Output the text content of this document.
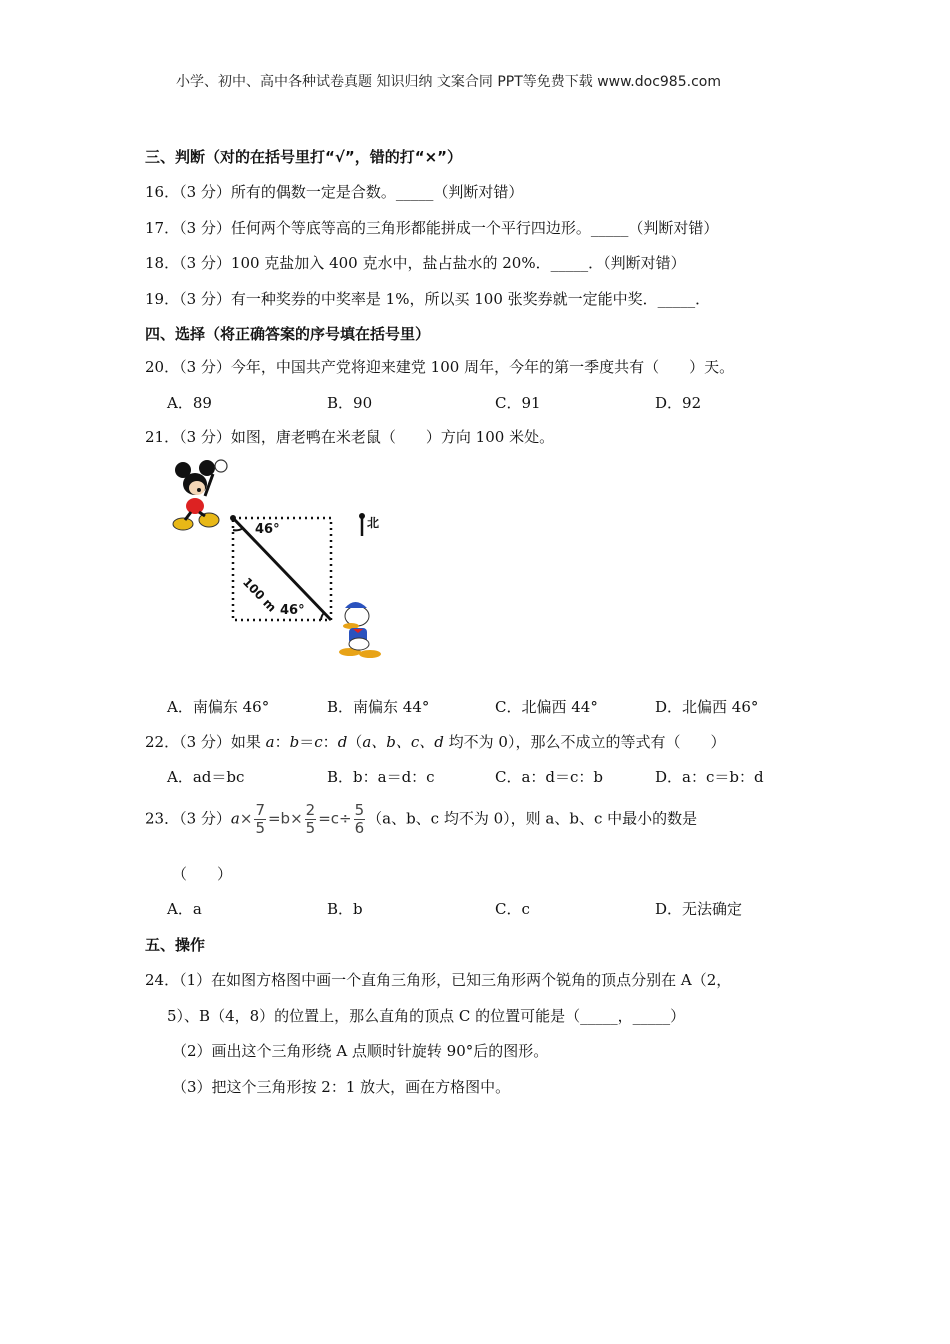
小学、初中、高中各种试卷真题 知识归纳 文案合同 PPT等免费下载 www.doc985.com
三、判断（对的在括号里打“√”，错的打“×”）
16．（3 分）所有的偶数一定是合数。_____（判断对错）
17．（3 分）任何两个等底等高的三角形都能拼成一个平行四边形。_____（判断对错）
18．（3 分）100 克盐加入 400 克水中，盐占盐水的 20%．_____．（判断对错）
19．（3 分）有一种奖券的中奖率是 1%，所以买 100 张奖券就一定能中奖．_____．
四、选择（将正确答案的序号填在括号里）
20．（3 分）今年，中国共产党将迎来建党 100 周年，今年的第一季度共有（　　）天。
A．89	B．90	C．91	D．92
21．（3 分）如图，唐老鸭在米老鼠（　　）方向 100 米处。
46°
46°
100 m
北
A．南偏东 46°	B．南偏东 44°	C．北偏西 44°	D．北偏西 46°
22．（3 分）如果 a：b＝c：d（a、b、c、d 均不为 0），那么不成立的等式有（　　）
A．ad＝bc	B．b：a＝d：c	C．a：d＝c：b	D．a：c＝b：d
23．（3 分）$a\times \frac{7}{5} =b\times \frac{2}{5} =c\div \frac{5}{6} (a$、b、c 均不为 0），则 a、b、c 中最小的数是
（　　）
A．a	B．b	C．c	D．无法确定
五、操作
24．（1）在如图方格图中画一个直角三角形，已知三角形两个锐角的顶点分别在 A（2，
5）、B（4，8）的位置上，那么直角的顶点 C 的位置可能是（_____，_____）
（2）画出这个三角形绕 A 点顺时针旋转 90°后的图形。
（3）把这个三角形按 2：1 放大，画在方格图中。
